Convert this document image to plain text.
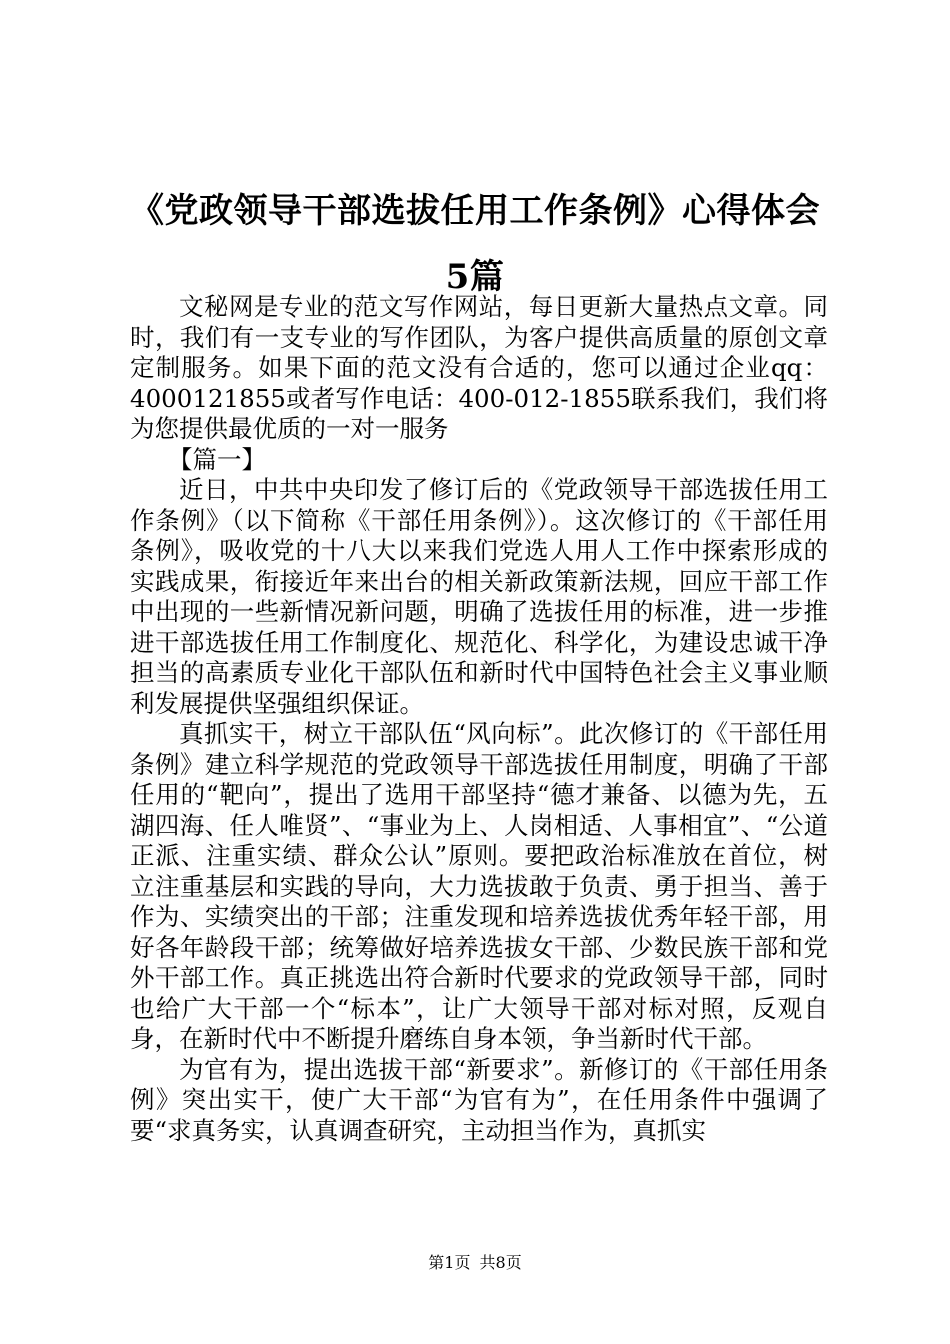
《党政领导干部选拔任用工作条例》心得体会
5篇

文秘网是专业的范文写作网站，每日更新大量热点文章。同时，我们有一支专业的写作团队，为客户提供高质量的原创文章定制服务。如果下面的范文没有合适的，您可以通过企业qq：4000121855或者写作电话：400-012-1855联系我们，我们将为您提供最优质的一对一服务

【篇一】

近日，中共中央印发了修订后的《党政领导干部选拔任用工作条例》（以下简称《干部任用条例》）。这次修订的《干部任用条例》，吸收党的十八大以来我们党选人用人工作中探索形成的实践成果，衔接近年来出台的相关新政策新法规，回应干部工作中出现的一些新情况新问题，明确了选拔任用的标准，进一步推进干部选拔任用工作制度化、规范化、科学化，为建设忠诚干净担当的高素质专业化干部队伍和新时代中国特色社会主义事业顺利发展提供坚强组织保证。

真抓实干，树立干部队伍“风向标”。此次修订的《干部任用条例》建立科学规范的党政领导干部选拔任用制度，明确了干部任用的“靶向”，提出了选用干部坚持“德才兼备、以德为先，五湖四海、任人唯贤”、“事业为上、人岗相适、人事相宜”、“公道正派、注重实绩、群众公认”原则。要把政治标准放在首位，树立注重基层和实践的导向，大力选拔敢于负责、勇于担当、善于作为、实绩突出的干部；注重发现和培养选拔优秀年轻干部，用好各年龄段干部；统筹做好培养选拔女干部、少数民族干部和党外干部工作。真正挑选出符合新时代要求的党政领导干部，同时也给广大干部一个“标本”，让广大领导干部对标对照，反观自身，在新时代中不断提升磨练自身本领，争当新时代干部。

为官有为，提出选拔干部“新要求”。新修订的《干部任用条例》突出实干，使广大干部“为官有为”，在任用条件中强调了要“求真务实，认真调查研究，主动担当作为，真抓实

第1页 共8页
